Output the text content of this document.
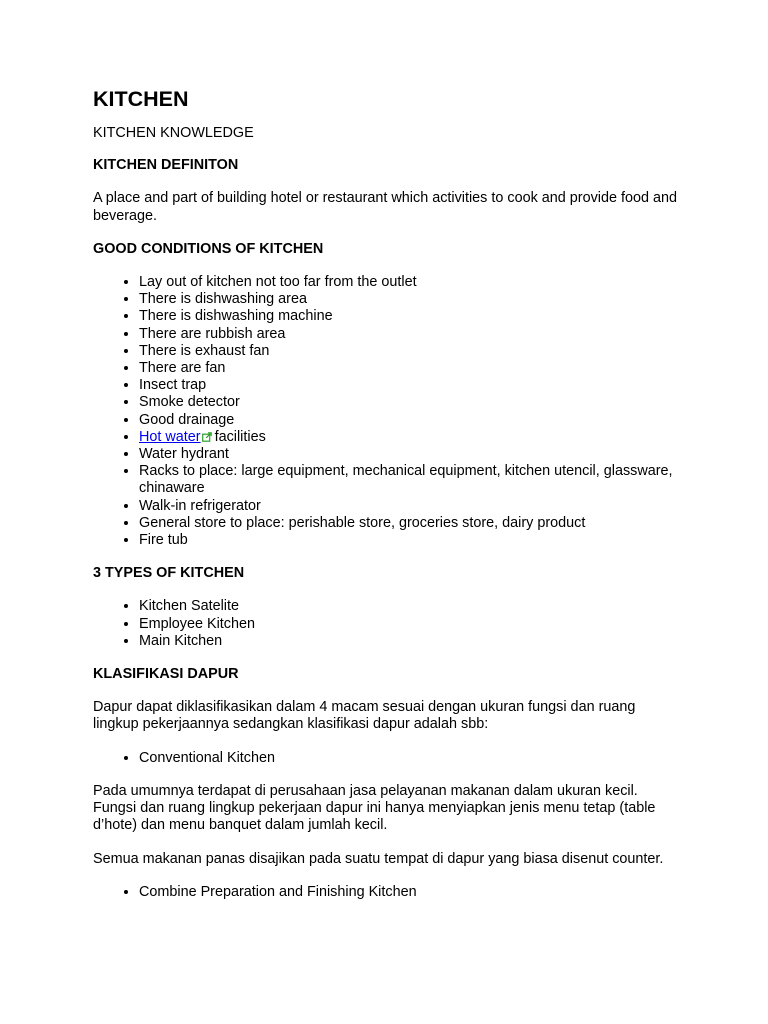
KITCHEN

KITCHEN KNOWLEDGE

KITCHEN DEFINITON

A place and part of building hotel or restaurant which activities to cook and provide food and beverage.

GOOD CONDITIONS OF KITCHEN
• Lay out of kitchen not too far from the outlet
• There is dishwashing area
• There is dishwashing machine
• There are rubbish area
• There is exhaust fan
• There are fan
• Insect trap
• Smoke detector
• Good drainage
• Hot water facilities
• Water hydrant
• Racks to place: large equipment, mechanical equipment, kitchen utencil, glassware, chinaware
• Walk-in refrigerator
• General store to place: perishable store, groceries store, dairy product
• Fire tub
3 TYPES OF KITCHEN
• Kitchen Satelite
• Employee Kitchen
• Main Kitchen
KLASIFIKASI DAPUR

Dapur dapat diklasifikasikan dalam 4 macam sesuai dengan ukuran fungsi dan ruang lingkup pekerjaannya sedangkan klasifikasi dapur adalah sbb:

• Conventional Kitchen

Pada umumnya terdapat di perusahaan jasa pelayanan makanan dalam ukuran kecil. Fungsi dan ruang lingkup pekerjaan dapur ini hanya menyiapkan jenis menu tetap (table d’hote) dan menu banquet dalam jumlah kecil.

Semua makanan panas disajikan pada suatu tempat di dapur yang biasa disenut counter.

• Combine Preparation and Finishing Kitchen
